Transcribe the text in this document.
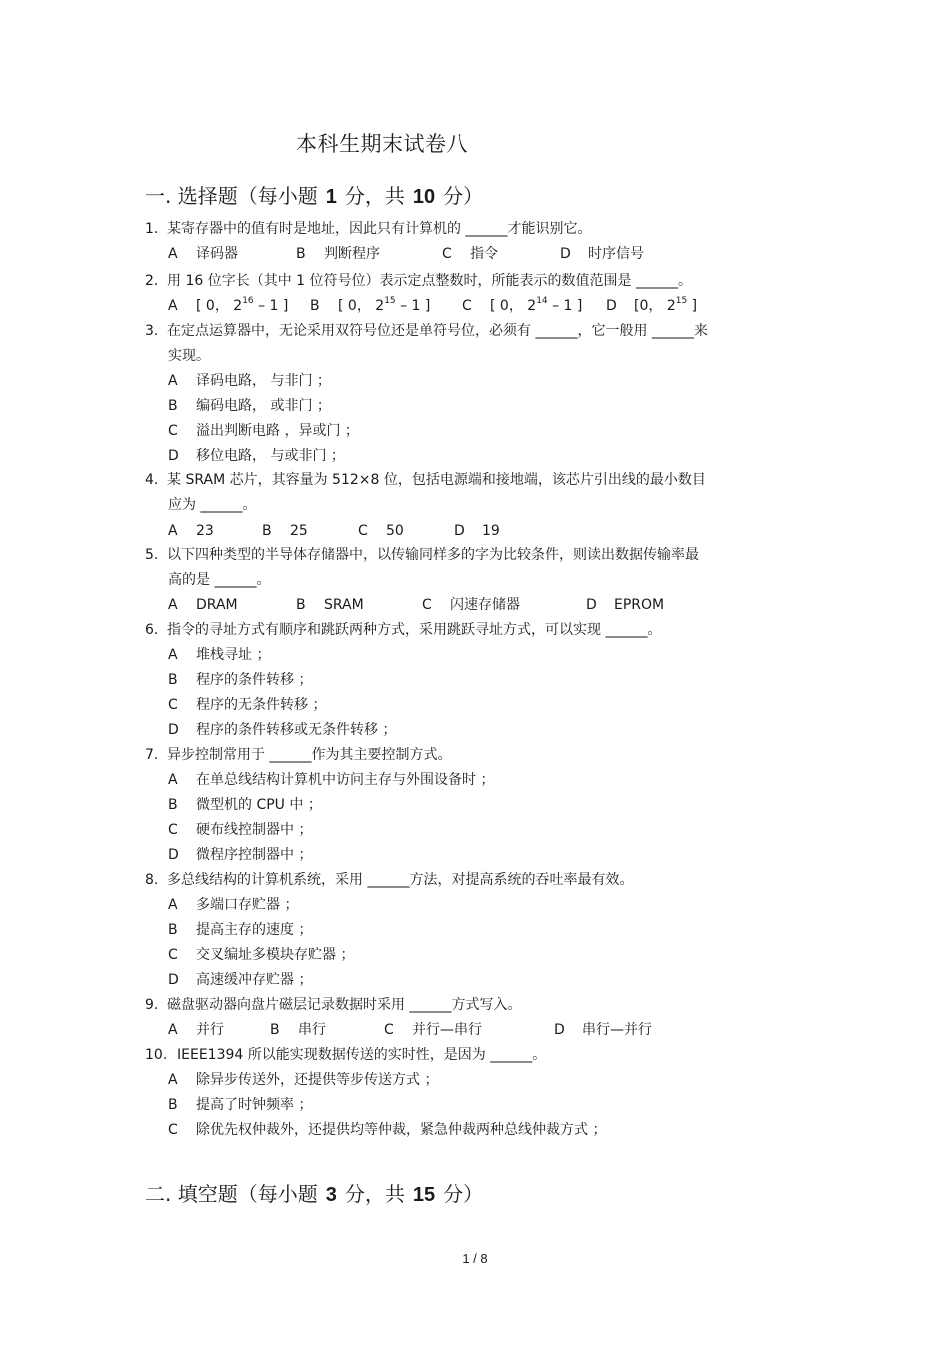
本科生期末试卷八
一. 选择题（每小题 1 分，共 10 分）
1. 某寄存器中的值有时是地址，因此只有计算机的 ______才能识别它。
A 译码器	B 判断程序	C 指令	D 时序信号
2. 用 16 位字长（其中 1 位符号位）表示定点整数时，所能表示的数值范围是 ______。
A [ 0， $2^{16} - 1$ ] B [ 0， $2^{15} - 1$ ] C [ 0， $2^{14} - 1$ ] D [0， $2^{15}$ ]
3. 在定点运算器中，无论采用双符号位还是单符号位，必须有 ______，它一般用 ______来
实现。
A 译码电路， 与非门 ；
B 编码电路， 或非门 ；
C 溢出判断电路 ，异或门 ；
D 移位电路， 与或非门 ；
4. 某 SRAM 芯片，其容量为 512×8 位，包括电源端和接地端，该芯片引出线的最小数目
应为 ______。
A 23	B 25	C 50	D 19
5. 以下四种类型的半导体存储器中，以传输同样多的字为比较条件，则读出数据传输率最
高的是 ______。
A DRAM	B SRAM	C 闪速存储器	D EPROM
6. 指令的寻址方式有顺序和跳跃两种方式，采用跳跃寻址方式，可以实现 ______。
A 堆栈寻址 ；
B 程序的条件转移 ；
C 程序的无条件转移 ；
D 程序的条件转移或无条件转移 ；
7. 异步控制常用于 ______作为其主要控制方式。
A 在单总线结构计算机中访问主存与外围设备时 ；
B 微型机的 CPU 中 ；
C 硬布线控制器中 ；
D 微程序控制器中 ；
8. 多总线结构的计算机系统，采用 ______方法，对提高系统的吞吐率最有效。
A 多端口存贮器 ；
B 提高主存的速度 ；
C 交叉编址多模块存贮器 ；
D 高速缓冲存贮器 ；
9. 磁盘驱动器向盘片磁层记录数据时采用 ______方式写入。
A 并行	B 串行	C 并行—串行	D 串行—并行
10. IEEE1394 所以能实现数据传送的实时性，是因为 ______。
A 除异步传送外，还提供等步传送方式 ；
B 提高了时钟频率 ；
C 除优先权仲裁外，还提供均等仲裁，紧急仲裁两种总线仲裁方式 ；
二. 填空题（每小题 3 分，共 15 分）
1 / 8
